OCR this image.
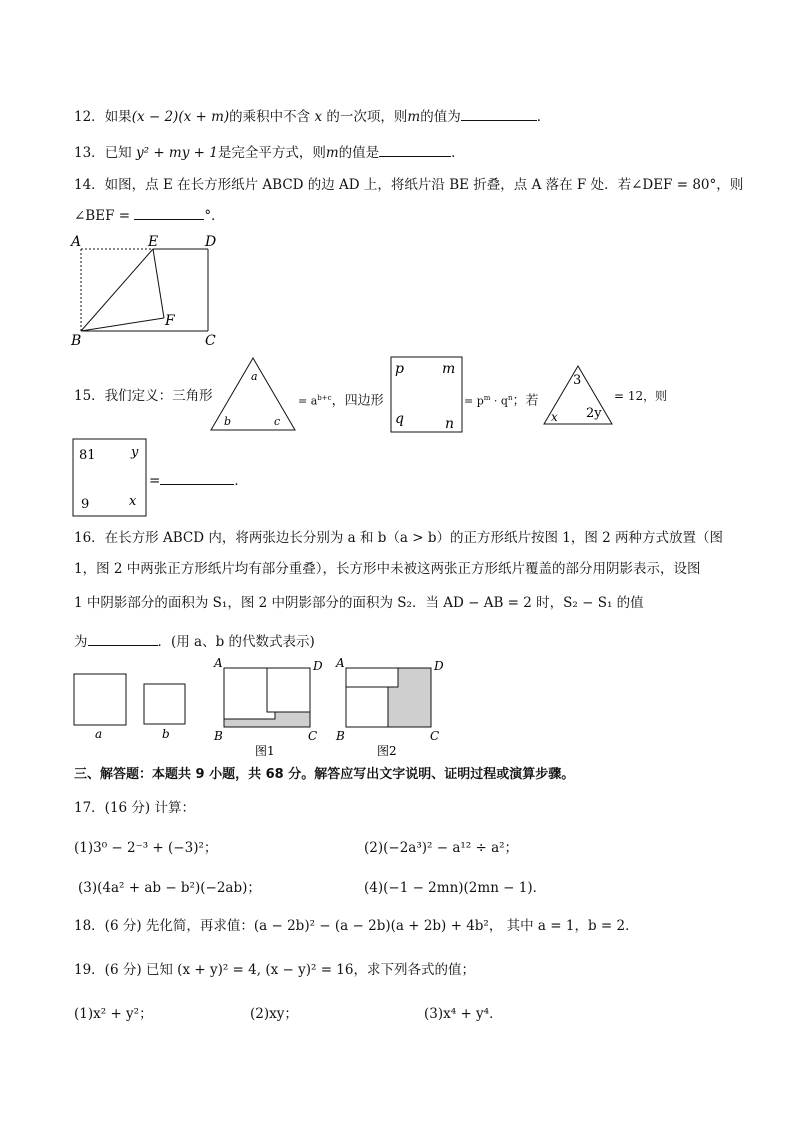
12．如果(x − 2)(x + m)的乘积中不含 x 的一次项，则m的值为	．
13．已知 y² + my + 1是完全平方式，则m的值是	．
14．如图，点 E 在长方形纸片 ABCD 的边 AD 上，将纸片沿 BE 折叠，点 A 落在 F 处．若∠DEF = 80°，则
∠BEF =	°．
A	E	D
B	C
F
15．我们定义：三角形
a
b	c
= $a^{b+c}$，四边形
p	m
q	n
= $p^m \cdot q^n$；若
3
x 2y
= 12，则
81	y
9	x
=	．
16．在长方形 ABCD 内，将两张边长分别为 a 和 b（a > b）的正方形纸片按图 1，图 2 两种方式放置（图
1，图 2 中两张正方形纸片均有部分重叠），长方形中未被这两张正方形纸片覆盖的部分用阴影表示，设图
1 中阴影部分的面积为 S₁，图 2 中阴影部分的面积为 S₂．当 AD − AB = 2 时，S₂ − S₁ 的值
为	．(用 a、b 的代数式表示)
a	b
A	D
B	C
图1
A	D
B	C
图2
三、解答题：本题共 9 小题，共 68 分。解答应写出文字说明、证明过程或演算步骤。
17．(16 分) 计算：
(1)3⁰ − 2⁻³ + (−3)²；	(2)(−2a³)² − a¹² ÷ a²；
(3)(4a² + ab − b²)(−2ab)；	(4)(−1 − 2mn)(2mn − 1)．
18．(6 分) 先化简，再求值：(a − 2b)² − (a − 2b)(a + 2b) + 4b²， 其中 a = 1，b = 2．
19．(6 分) 已知 (x + y)² = 4, (x − y)² = 16，求下列各式的值；
(1)x² + y²；	(2)xy；	(3)x⁴ + y⁴．
